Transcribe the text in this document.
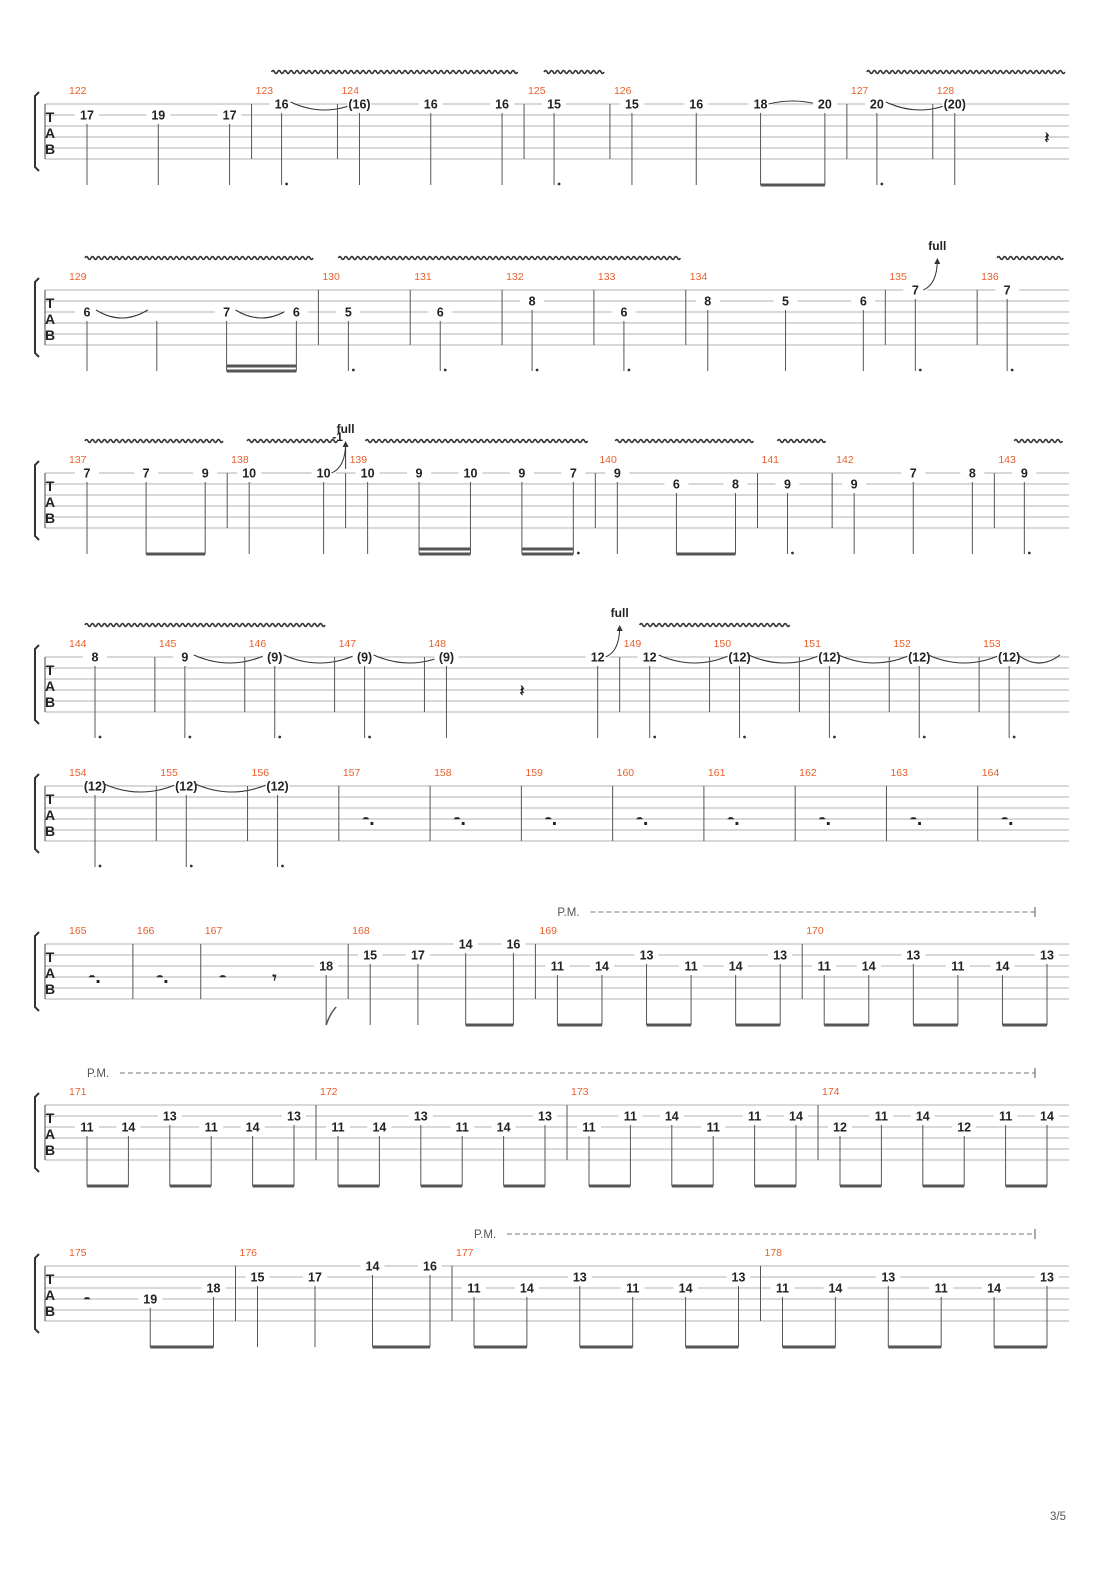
T
A
B
122
17	19	17
123
16
124
(16)	16	16
125
15
126
15	16	18	20
127
20
128
(20)
𝄽
T
A
B
129
6	7	6
130
5
131
6
132
8
133
6
134
8	5	6
135
7
full
136
7
T
A
B
137
7	7	9
138
10	10
full
-1
139
10	9	10	9	7
140
9
6	8
141
9
142
9
7	8
143
9
T
A
B
144
8
145
9
146
(9)
147
(9)
148
(9)
𝄽
12
full
149
12
150
(12)
151
(12)
152
(12)
153
(12)
T
A
B
154
(12)
155
(12)
156
(12)
157
𝄼.
158
𝄼.
159
𝄼.
160
𝄼.
161
𝄼.
162
𝄼.
163
𝄼.
164
𝄼.
T
A
B
165
𝄼.
166
𝄼.
167
𝄼	𝄾
18
168
15	17
14	16
169
11 14
13
11 14
13
170
11 14
13
11 14
13
P.M.
T
A
B
171
11 14
13
11 14
13
172
11 14
13
11 14
13
173
11
11 14
11
11 14
174
12
11 14
12
11 14
P.M.
T
A
B
175
𝄼	19
18
176
15	17
14	16
177
11	14
13
11	14
13
178
11	14
13
11	14
13
P.M.
3/5
